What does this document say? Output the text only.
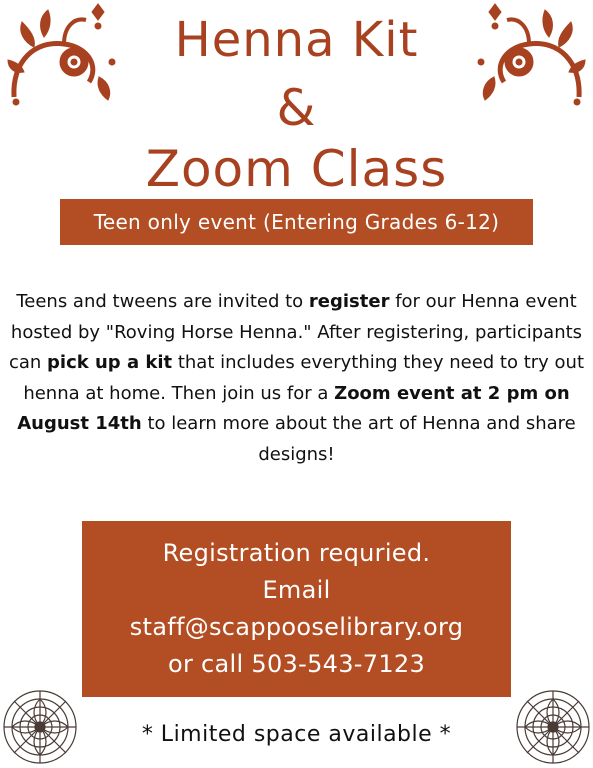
Henna Kit
&
Zoom Class
Teen only event (Entering Grades 6-12)
Teens and tweens are invited to register for our Henna event hosted by "Roving Horse Henna." After registering, participants can pick up a kit that includes everything they need to try out henna at home. Then join us for a Zoom event at 2 pm on August 14th to learn more about the art of Henna and share designs!
Registration requried.
Email
staff@scappooselibrary.org
or call 503-543-7123
* Limited space available *
